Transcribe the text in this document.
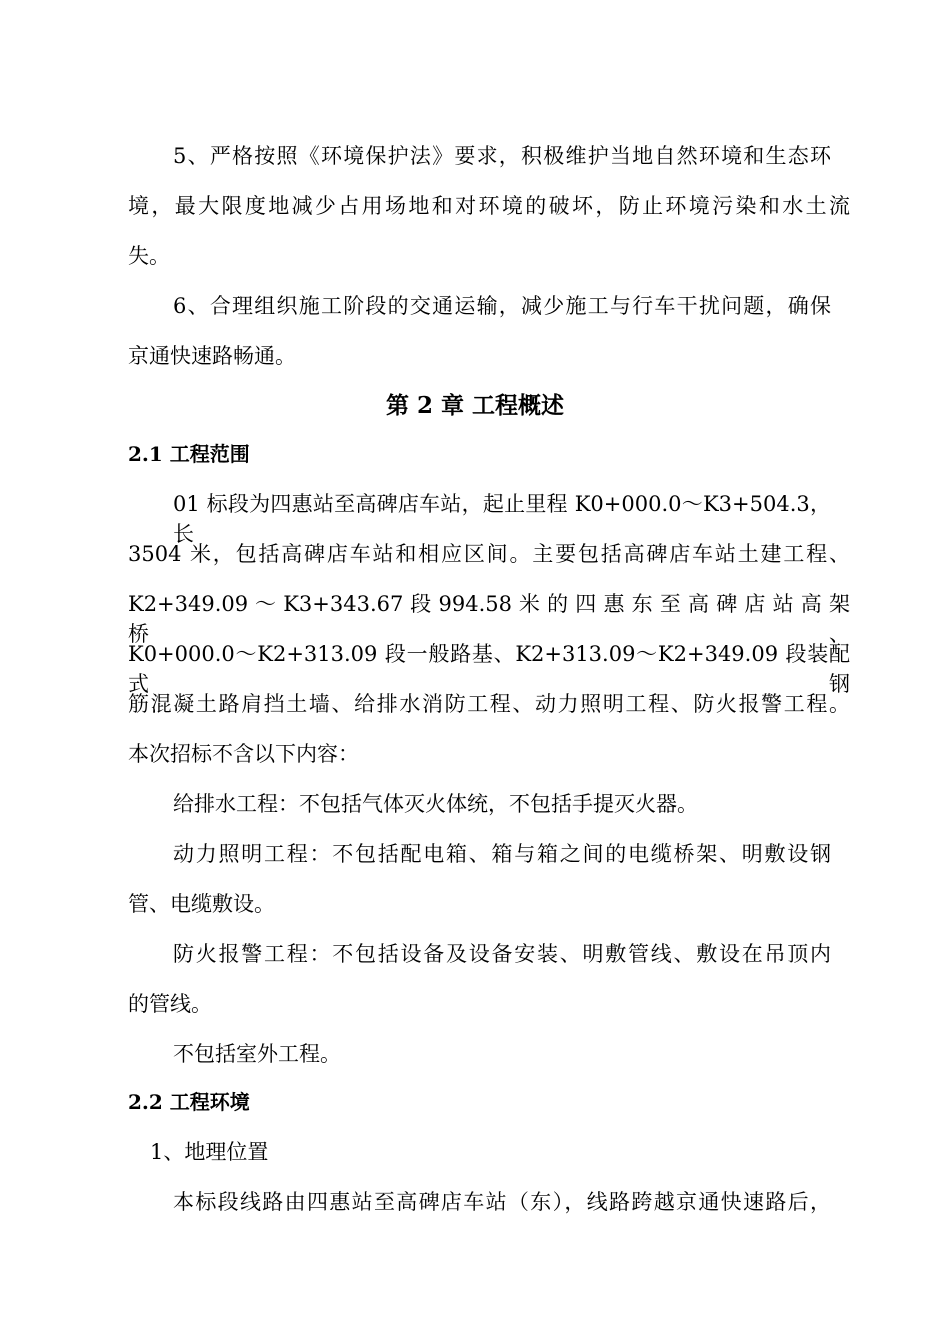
5、严格按照《环境保护法》要求，积极维护当地自然环境和生态环
境，最大限度地减少占用场地和对环境的破坏，防止环境污染和水土流
失。
6、合理组织施工阶段的交通运输，减少施工与行车干扰问题，确保
京通快速路畅通。
第 2 章 工程概述
2.1 工程范围
01 标段为四惠站至高碑店车站，起止里程 K0+000.0～K3+504.3，长
3504 米，包括高碑店车站和相应区间。主要包括高碑店车站土建工程、
K2+349.09 ～ K3+343.67 段 994.58 米 的 四 惠 东 至 高 碑 店 站 高 架 桥 、
K0+000.0～K2+313.09 段一般路基、K2+313.09～K2+349.09 段装配式钢
筋混凝土路肩挡土墙、给排水消防工程、动力照明工程、防火报警工程。
本次招标不含以下内容：
给排水工程：不包括气体灭火体统，不包括手提灭火器。
动力照明工程：不包括配电箱、箱与箱之间的电缆桥架、明敷设钢
管、电缆敷设。
防火报警工程：不包括设备及设备安装、明敷管线、敷设在吊顶内
的管线。
不包括室外工程。
2.2 工程环境
1、地理位置
本标段线路由四惠站至高碑店车站（东），线路跨越京通快速路后，
